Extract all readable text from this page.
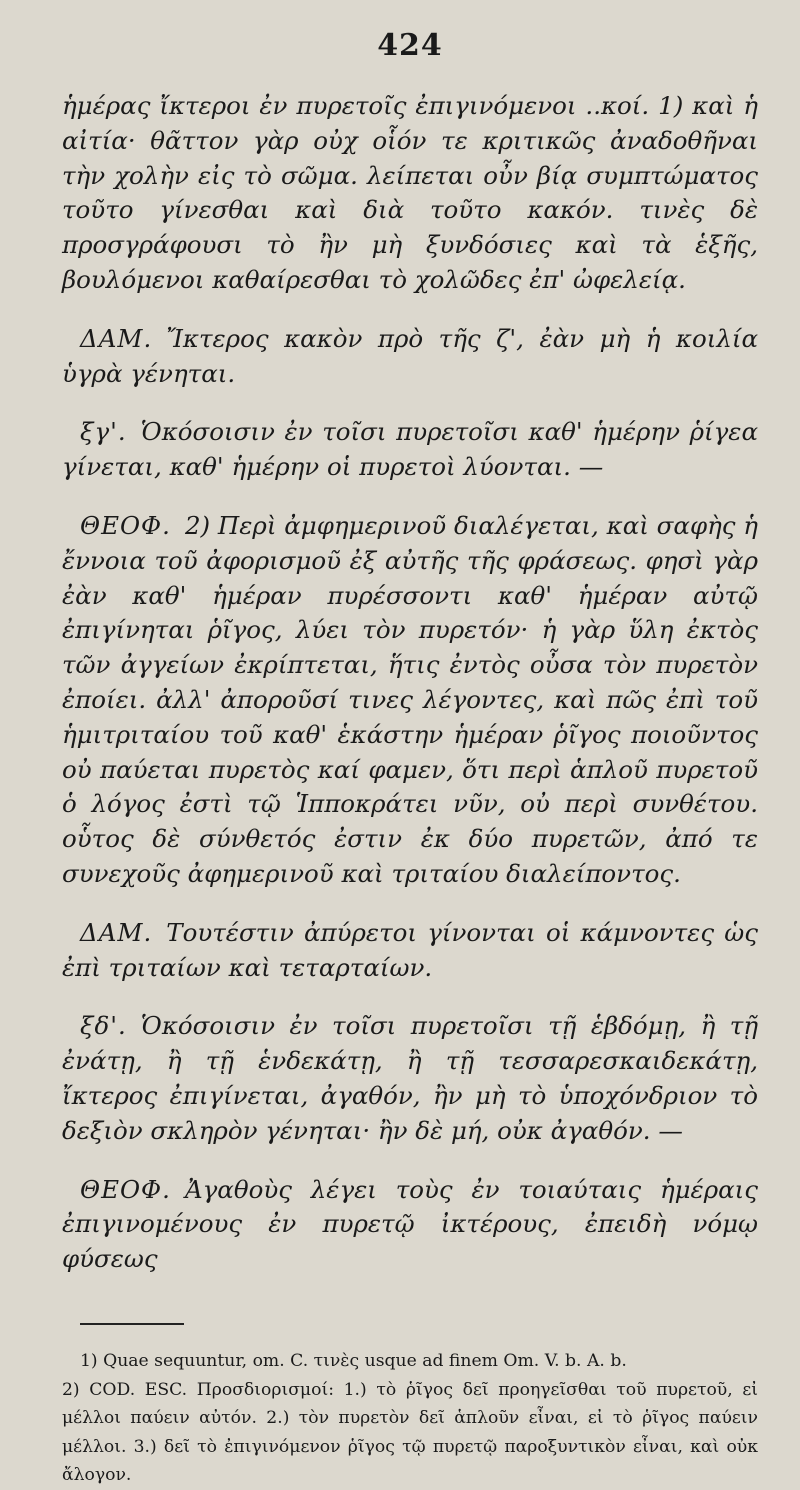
424

ἡμέρας ἴκτεροι ἐν πυρετοῖς ἐπιγινόμενοι ..κοί. 1) καὶ ἡ αἰτία· θᾶττον γὰρ οὐχ οἷόν τε κριτικῶς ἀναδοθῆναι τὴν χολὴν εἰς τὸ σῶμα. λείπεται οὖν βίᾳ συμπτώματος τοῦτο γίνεσθαι καὶ διὰ τοῦτο κακόν. τινὲς δὲ προσγράφουσι τὸ ἢν μὴ ξυνδόσιες καὶ τὰ ἑξῆς, βουλόμενοι καθαίρεσθαι τὸ χολῶδες ἐπ' ὠφελείᾳ.

ΔΑΜ. Ἴκτερος κακὸν πρὸ τῆς ζ', ἐὰν μὴ ἡ κοιλία ὑγρὰ γένηται.

ξγ'. Ὁκόσοισιν ἐν τοῖσι πυρετοῖσι καθ' ἡμέρην ῥίγεα γίνεται, καθ' ἡμέρην οἱ πυρετοὶ λύονται. —

ΘΕΟΦ. 2) Περὶ ἀμφημερινοῦ διαλέγεται, καὶ σαφὴς ἡ ἔννοια τοῦ ἀφορισμοῦ ἐξ αὐτῆς τῆς φράσεως. φησὶ γὰρ ἐὰν καθ' ἡμέραν πυρέσσοντι καθ' ἡμέραν αὐτῷ ἐπιγίνηται ῥῖγος, λύει τὸν πυρετόν· ἡ γὰρ ὕλη ἐκτὸς τῶν ἀγγείων ἐκρίπτεται, ἥτις ἐντὸς οὖσα τὸν πυρετὸν ἐποίει. ἀλλ' ἀποροῦσί τινες λέγοντες, καὶ πῶς ἐπὶ τοῦ ἡμιτριταίου τοῦ καθ' ἑκάστην ἡμέραν ῥῖγος ποιοῦντος οὐ παύεται πυρετὸς καί φαμεν, ὅτι περὶ ἁπλοῦ πυρετοῦ ὁ λόγος ἐστὶ τῷ Ἱπποκράτει νῦν, οὐ περὶ συνθέτου. οὗτος δὲ σύνθετός ἐστιν ἐκ δύο πυρετῶν, ἀπό τε συνεχοῦς ἀφημερινοῦ καὶ τριταίου διαλείποντος.

ΔΑΜ. Τουτέστιν ἀπύρετοι γίνονται οἱ κάμνοντες ὡς ἐπὶ τριταίων καὶ τεταρταίων.

ξδ'. Ὁκόσοισιν ἐν τοῖσι πυρετοῖσι τῇ ἑβδόμῃ, ἢ τῇ ἐνάτῃ, ἢ τῇ ἑνδεκάτῃ, ἢ τῇ τεσσαρεσκαιδεκάτῃ, ἴκτερος ἐπιγίνεται, ἀγαθόν, ἢν μὴ τὸ ὑποχόνδριον τὸ δεξιὸν σκληρὸν γένηται· ἢν δὲ μή, οὐκ ἀγαθόν. —

ΘΕΟΦ. Ἀγαθοὺς λέγει τοὺς ἐν τοιαύταις ἡμέραις ἐπιγινομένους ἐν πυρετῷ ἰκτέρους, ἐπειδὴ νόμῳ φύσεως

1) Quae sequuntur, om. C. τινὲς usque ad finem Om. V. b. A. b.

2) COD. ESC. Προσδιορισμοί: 1.) τὸ ῥῖγος δεῖ προηγεῖσθαι τοῦ πυρετοῦ, εἰ μέλλοι παύειν αὐτόν. 2.) τὸν πυρετὸν δεῖ ἁπλοῦν εἶναι, εἰ τὸ ῥῖγος παύειν μέλλοι. 3.) δεῖ τὸ ἐπιγινόμενον ῥῖγος τῷ πυρετῷ παροξυντικὸν εἶναι, καὶ οὐκ ἄλογον.
